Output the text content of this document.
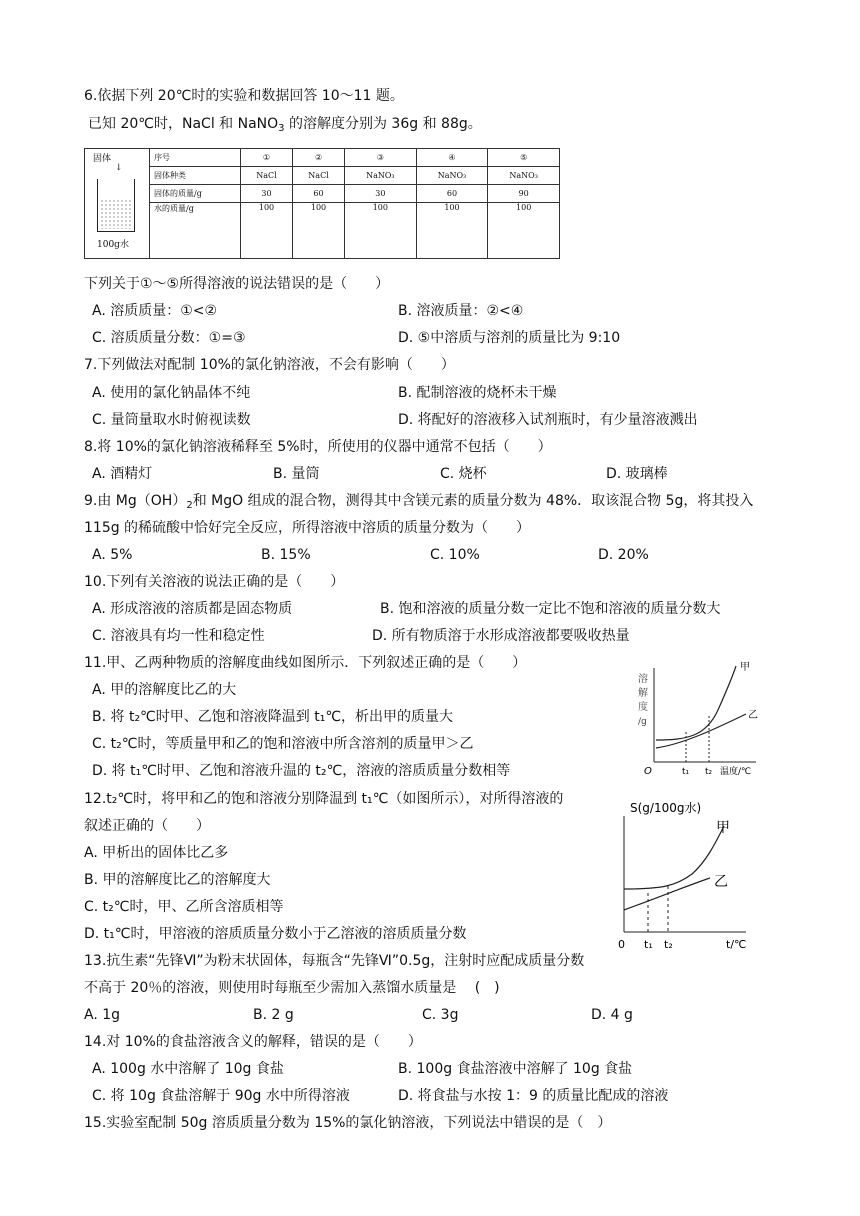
6.依据下列 20℃时的实验和数据回答 10～11 题。
已知 20℃时，NaCl 和 NaNO$_3$ 的溶解度分别为 36g 和 88g。
固体
↓
100g水	序号	①	②	③	④	⑤
	固体种类	NaCl	NaCl	NaNO₃	NaNO₃	NaNO₃
	固体的质量/g	30	60	30	60	90
	水的质量/g	100	100	100	100	100
下列关于①～⑤所得溶液的说法错误的是（　　）
A. 溶质质量：①<②	B. 溶液质量：②<④
C. 溶质质量分数：①=③	D. ⑤中溶质与溶剂的质量比为 9:10
7.下列做法对配制 10%的氯化钠溶液，不会有影响（　　）
A. 使用的氯化钠晶体不纯	B. 配制溶液的烧杯未干燥
C. 量筒量取水时俯视读数	D. 将配好的溶液移入试剂瓶时，有少量溶液溅出
8.将 10%的氯化钠溶液稀释至 5%时，所使用的仪器中通常不包括（　　）
A. 酒精灯	B. 量筒	C. 烧杯	D. 玻璃棒
9.由 $Mg(OH)_2$和 MgO 组成的混合物，测得其中含镁元素的质量分数为 48%．取该混合物 5g，将其投入
115g 的稀硫酸中恰好完全反应，所得溶液中溶质的质量分数为（　　）
A. 5%	B. 15%	C. 10%	D. 20%
10.下列有关溶液的说法正确的是（　　）
A. 形成溶液的溶质都是固态物质	B. 饱和溶液的质量分数一定比不饱和溶液的质量分数大
C. 溶液具有均一性和稳定性	D. 所有物质溶于水形成溶液都要吸收热量
11.甲、乙两种物质的溶解度曲线如图所示．下列叙述正确的是（　　）
A. 甲的溶解度比乙的大
B. 将 t₂℃时甲、乙饱和溶液降温到 t₁℃，析出甲的质量大
C. t₂℃时，等质量甲和乙的饱和溶液中所含溶剂的质量甲＞乙
D. 将 t₁℃时甲、乙饱和溶液升温的 t₂℃，溶液的溶质质量分数相等
溶
解
度
/g
甲
乙
O	t₁ t₂ 温度/℃
12.t₂℃时，将甲和乙的饱和溶液分别降温到 t₁℃（如图所示），对所得溶液的
叙述正确的（　　）
A. 甲析出的固体比乙多
B. 甲的溶解度比乙的溶解度大
C. t₂℃时，甲、乙所含溶质相等
D. t₁℃时，甲溶液的溶质质量分数小于乙溶液的溶质质量分数
S(g/100g水)
甲
乙
0 t₁ t₂	t/℃
13.抗生素“先锋Ⅵ”为粉末状固体，每瓶含“先锋Ⅵ”0.5g，注射时应配成质量分数
不高于 20％的溶液，则使用时每瓶至少需加入蒸馏水质量是　 (　)
A. 1g	B. 2 g	C. 3g	D. 4 g
14.对 10%的食盐溶液含义的解释，错误的是（　　）
A. 100g 水中溶解了 10g 食盐	B. 100g 食盐溶液中溶解了 10g 食盐
C. 将 10g 食盐溶解于 90g 水中所得溶液	D. 将食盐与水按 1：9 的质量比配成的溶液
15.实验室配制 50g 溶质质量分数为 15%的氯化钠溶液，下列说法中错误的是（　）
